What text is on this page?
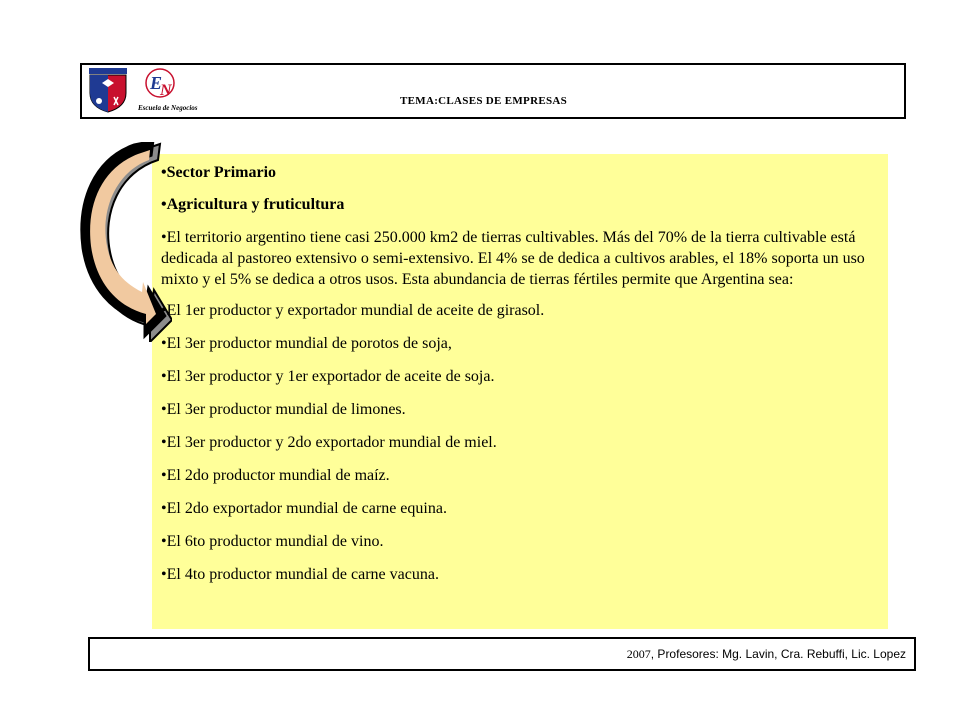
E
N
Escuela de Negocios
TEMA:CLASES DE EMPRESAS
•Sector Primario
•Agricultura y fruticultura
•El territorio argentino tiene casi 250.000 km2 de tierras cultivables. Más del 70% de la tierra cultivable está dedicada al pastoreo extensivo o semi-extensivo. El 4% se de dedica a cultivos arables, el 18% soporta un uso mixto y el 5% se dedica a otros usos. Esta abundancia de tierras fértiles permite que Argentina sea:
•El 1er productor y exportador mundial de aceite de girasol.
•El 3er productor mundial de porotos de soja,
•El 3er productor y 1er exportador de aceite de soja.
•El 3er productor mundial de limones.
•El 3er productor y 2do exportador mundial de miel.
•El 2do productor mundial de maíz.
•El 2do exportador mundial de carne equina.
•El 6to productor mundial de vino.
•El 4to productor mundial de carne vacuna.
2007, Profesores: Mg. Lavin, Cra. Rebuffi, Lic. Lopez
